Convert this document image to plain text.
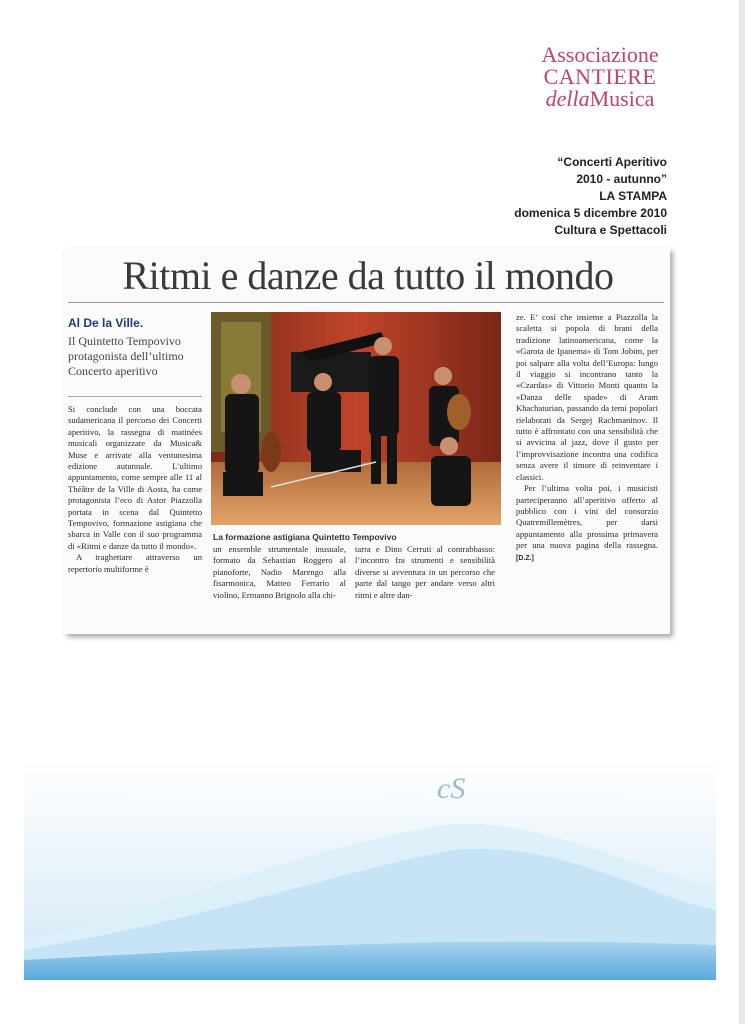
Associazione
CANTIERE
dellaMusica
“Concerti Aperitivo
2010 - autunno”
LA STAMPA
domenica 5 dicembre 2010
Cultura e Spettacoli
Ritmi e danze da tutto il mondo
Al De la Ville.
Il Quintetto Tempovivo protagonista dell’ultimo Concerto aperitivo
Si conclude con una boccata sudamericana il percorso dei Concerti aperitivo, la rassegna di matinées musicali organizzate da Musica& Muse e arrivate alla ventunesima edizione autunnale. L’ultimo appuntamento, come sempre alle 11 al Théâtre de la Ville di Aosta, ha come protagonista l’eco di Astor Piazzolla portata in scena dal Quintetto Tempovivo, formazione astigiana che sbarca in Valle con il suo programma di «Ritmi e danze da tutto il mondo».
A traghettare attraverso un repertorio multiforme è
La formazione astigiana Quintetto Tempovivo
un ensemble strumentale inusuale, formato da Sebastian Roggero al pianoforte, Nadio Marengo alla fisarmonica, Matteo Ferrario al violino, Ermanno Brignolo alla chi-
tarra e Dino Cerruti al contrabbasso: l’incontro fra strumenti e sensibilità diverse si avventura in un percorso che parte dal tango per andare verso altri ritmi e altre dan-
ze. E’ così che insieme a Piazzolla la scaletta si popola di brani della tradizione latinoamericana, come la «Garota de Ipanema» di Tom Jobim, per poi salpare alla volta dell’Europa: lungo il viaggio si incontrano tanto la «Czardas» di Vittorio Monti quanto la «Danza delle spade» di Aram Khachaturian, passando da temi popolari rielaborati da Sergej Rachmaninov. Il tutto è affrontato con una sensibilità che si avvicina al jazz, dove il gusto per l’improvvisazione incontra una codifica senza avere il timore di reinventare i classici.
Per l’ultima volta poi, i musicisti parteciperanno all’aperitivo offerto al pubblico con i vini del consorzio Quatremillemètres, per darsi appuntamento alla prossima primavera per una nuova pagina della rassegna. [D.Z.]
cS
